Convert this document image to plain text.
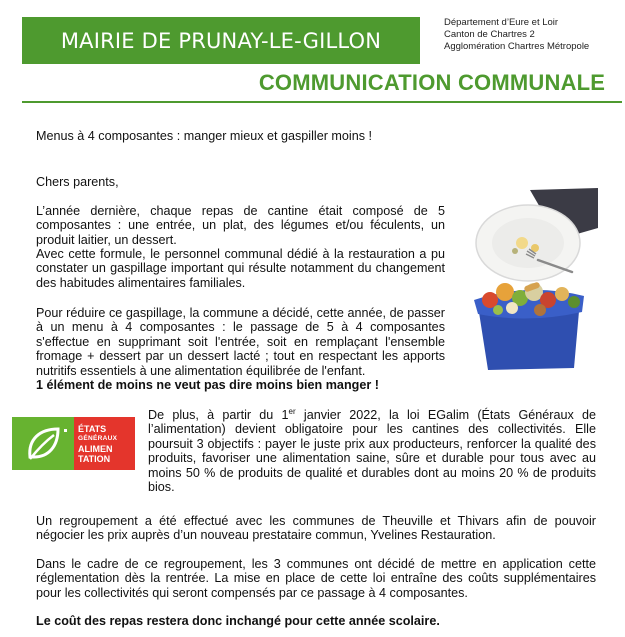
MAIRIE DE PRUNAY-LE-GILLON
Département d’Eure et Loir
Canton de Chartres 2
Agglomération Chartres Métropole
COMMUNICATION COMMUNALE
Menus à 4 composantes : manger mieux et gaspiller moins !
Chers parents,
L’année dernière, chaque repas de cantine était composé de 5 composantes : une entrée, un plat, des légumes et/ou féculents, un produit laitier, un dessert.
Avec cette formule, le personnel communal dédié à la restauration a pu constater un gaspillage important qui résulte notamment du changement des habitudes alimentaires familiales.
Pour réduire ce gaspillage, la commune a décidé, cette année, de passer à un menu à 4 composantes : le passage de 5 à 4 composantes s'effectue en supprimant soit l'entrée, soit en remplaçant l'ensemble fromage + dessert par un dessert lacté ; tout en respectant les apports nutritifs essentiels à une alimentation équilibrée de l'enfant.
1 élément de moins ne veut pas dire moins bien manger !
ÉTATS
GÉNÉRAUX
ALIMEN
TATION
De plus, à partir du 1er janvier 2022, la loi EGalim (États Généraux de l’alimentation) devient obligatoire pour les cantines des collectivités. Elle poursuit 3 objectifs : payer le juste prix aux producteurs, renforcer la qualité des produits, favoriser une alimentation saine, sûre et durable pour tous avec au moins 50 % de produits de qualité et durables dont au moins 20 % de produits bios.
Un regroupement a été effectué avec les communes de Theuville et Thivars afin de pouvoir négocier les prix auprès d’un nouveau prestataire commun, Yvelines Restauration.
Dans le cadre de ce regroupement, les 3 communes ont décidé de mettre en application cette réglementation dès la rentrée. La mise en place de cette loi entraîne des coûts supplémentaires pour les collectivités qui seront compensés par ce passage à 4 composantes.
Le coût des repas restera donc inchangé pour cette année scolaire.
